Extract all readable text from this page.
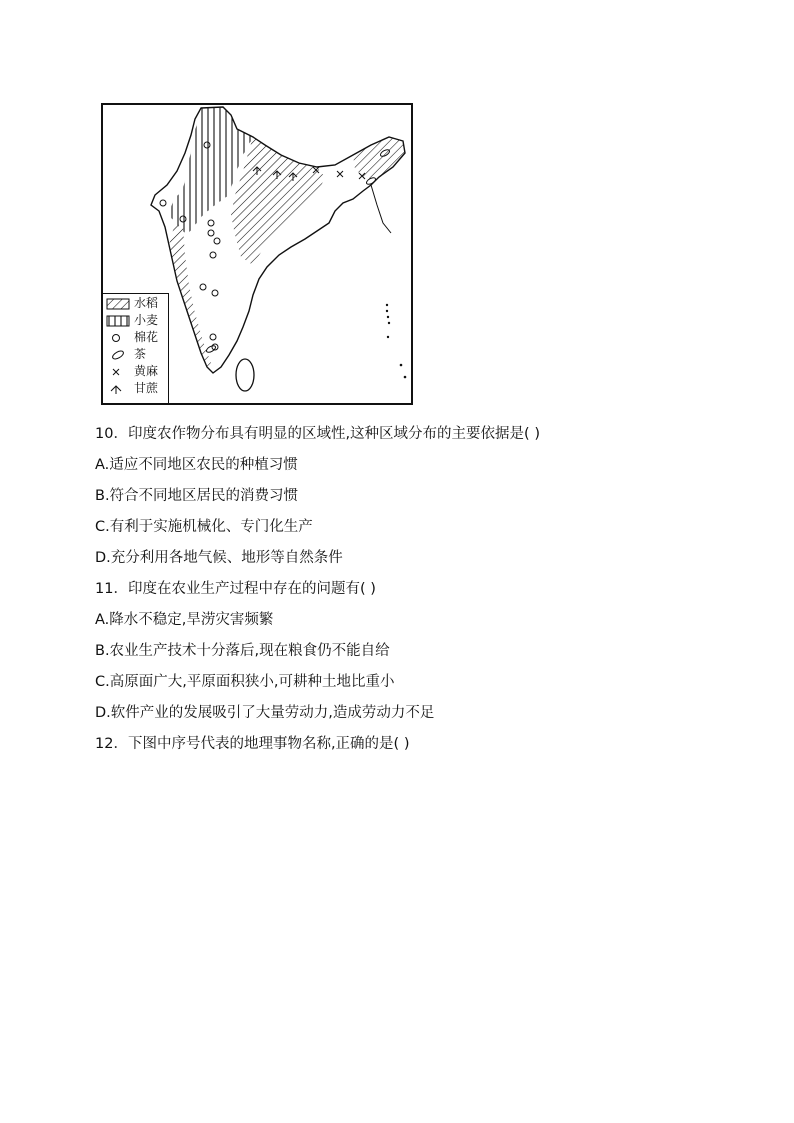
水稻
小麦
棉花
茶
黄麻
甘蔗
10．印度农作物分布具有明显的区域性,这种区域分布的主要依据是( )
A.适应不同地区农民的种植习惯
B.符合不同地区居民的消费习惯
C.有利于实施机械化、专门化生产
D.充分利用各地气候、地形等自然条件
11．印度在农业生产过程中存在的问题有( )
A.降水不稳定,旱涝灾害频繁
B.农业生产技术十分落后,现在粮食仍不能自给
C.高原面广大,平原面积狭小,可耕种土地比重小
D.软件产业的发展吸引了大量劳动力,造成劳动力不足
12．下图中序号代表的地理事物名称,正确的是( )
